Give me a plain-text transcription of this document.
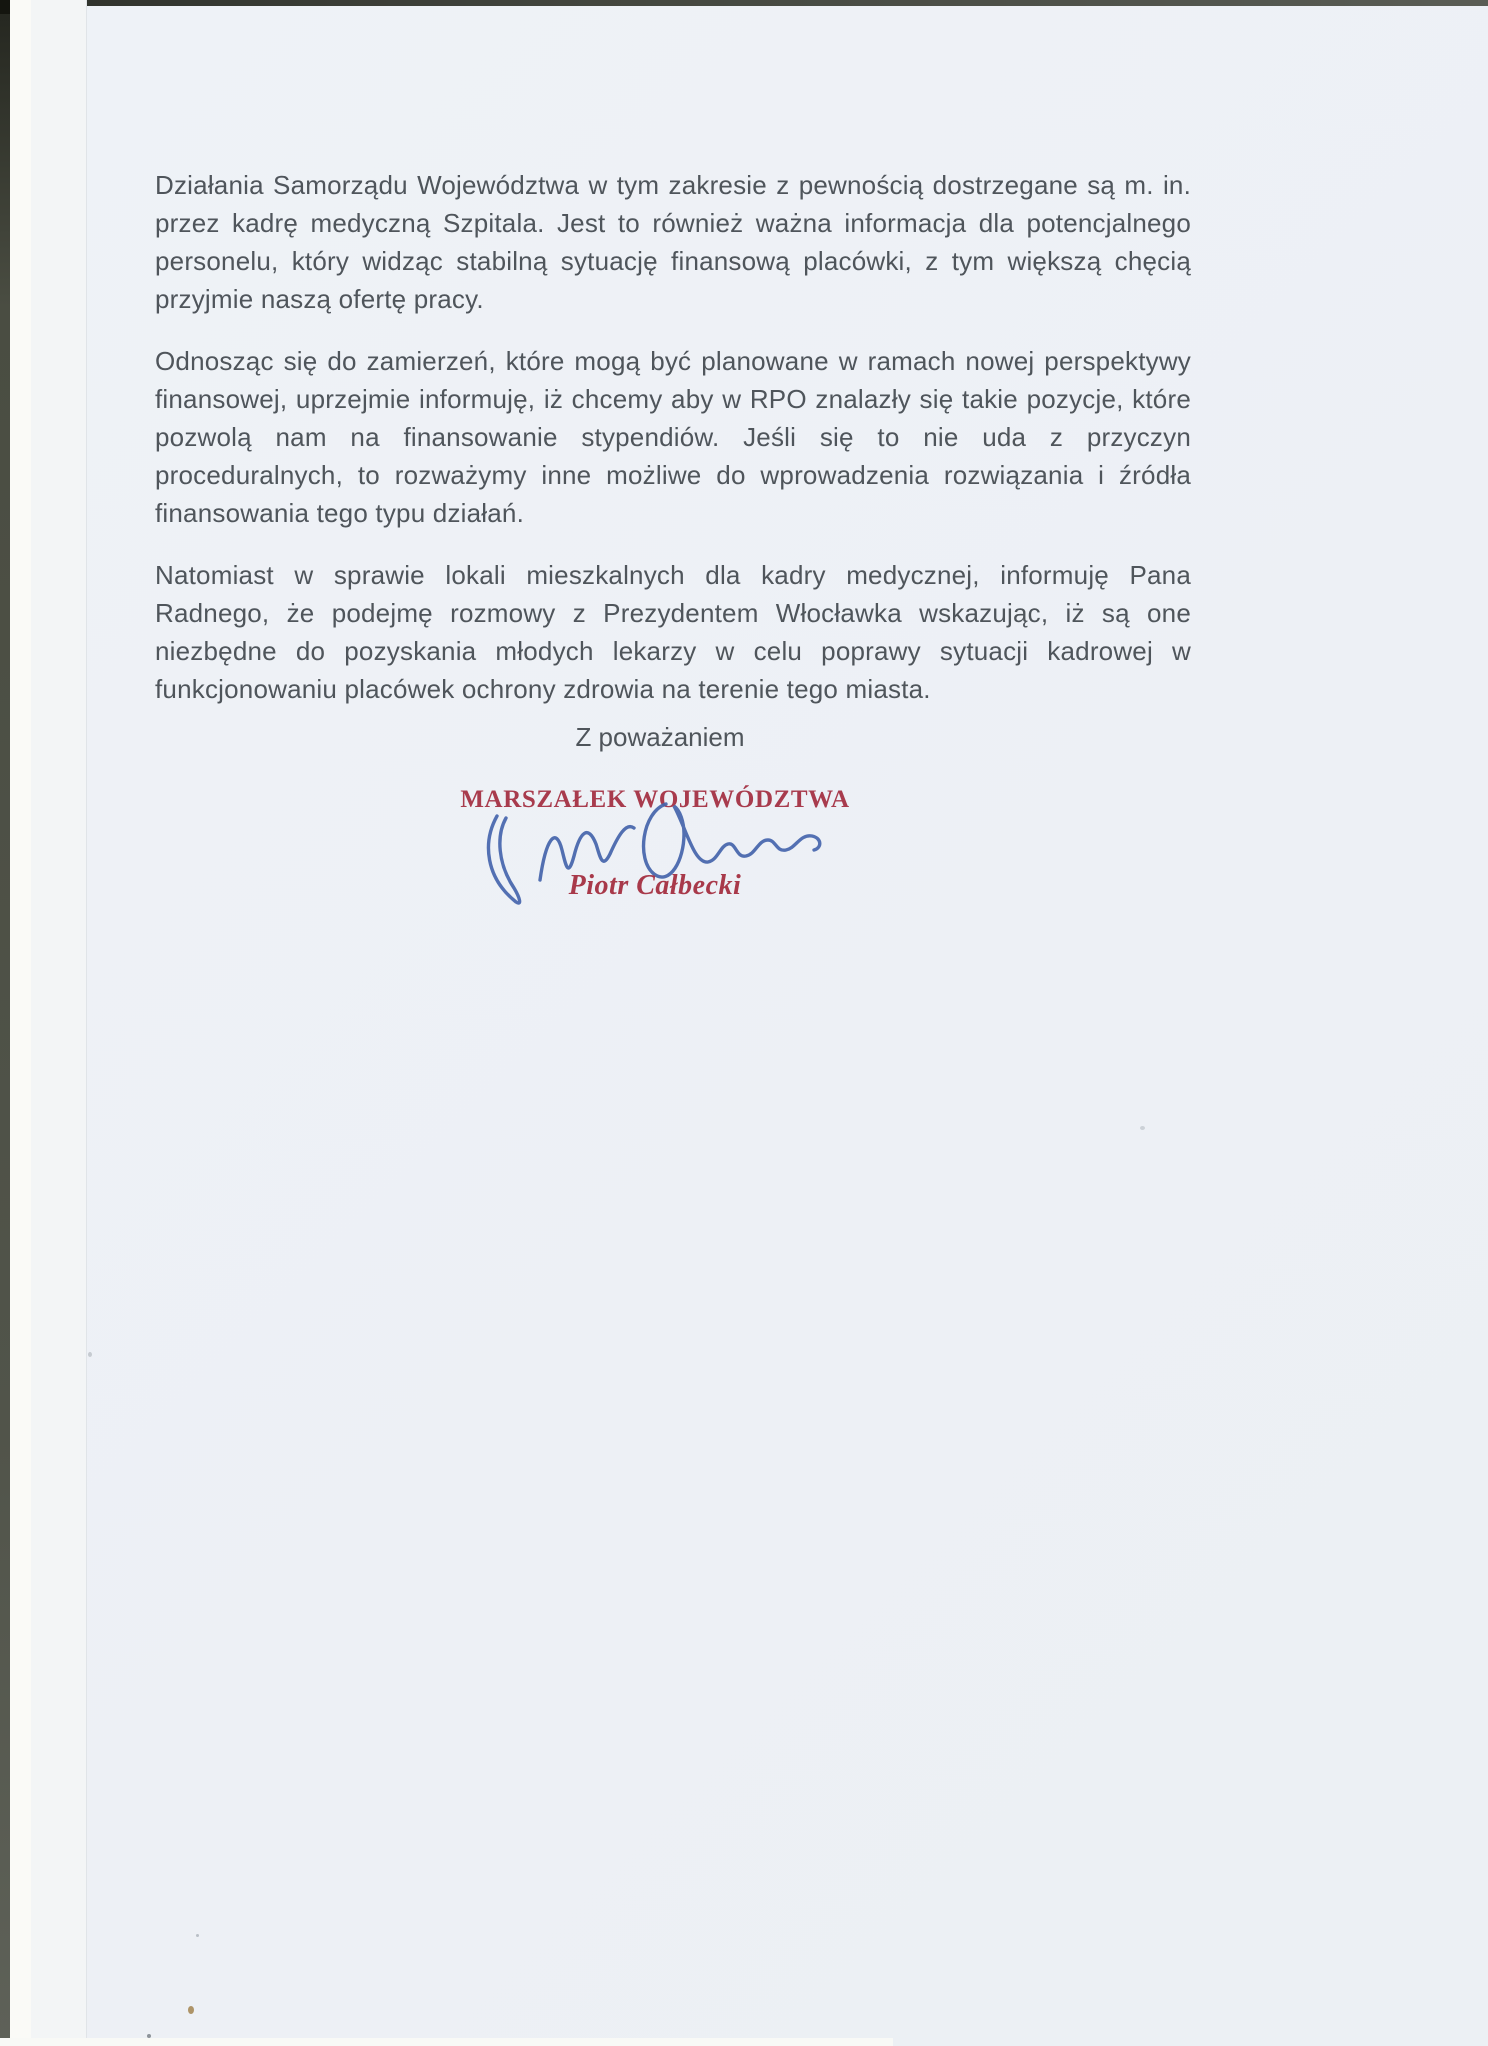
Działania Samorządu Województwa w tym zakresie z pewnością dostrzegane są m. in. przez kadrę medyczną Szpitala. Jest to również ważna informacja dla potencjalnego personelu, który widząc stabilną sytuację finansową placówki, z tym większą chęcią przyjmie naszą ofertę pracy.

Odnosząc się do zamierzeń, które mogą być planowane w ramach nowej perspektywy finansowej, uprzejmie informuję, iż chcemy aby w RPO znalazły się takie pozycje, które pozwolą nam na finansowanie stypendiów. Jeśli się to nie uda z przyczyn proceduralnych, to rozważymy inne możliwe do wprowadzenia rozwiązania i źródła finansowania tego typu działań.

Natomiast w sprawie lokali mieszkalnych dla kadry medycznej, informuję Pana Radnego, że podejmę rozmowy z Prezydentem Włocławka wskazując, iż są one niezbędne do pozyskania młodych lekarzy w celu poprawy sytuacji kadrowej w funkcjonowaniu placówek ochrony zdrowia na terenie tego miasta.

Z poważaniem
MARSZAŁEK WOJEWÓDZTWA
Piotr Całbecki
